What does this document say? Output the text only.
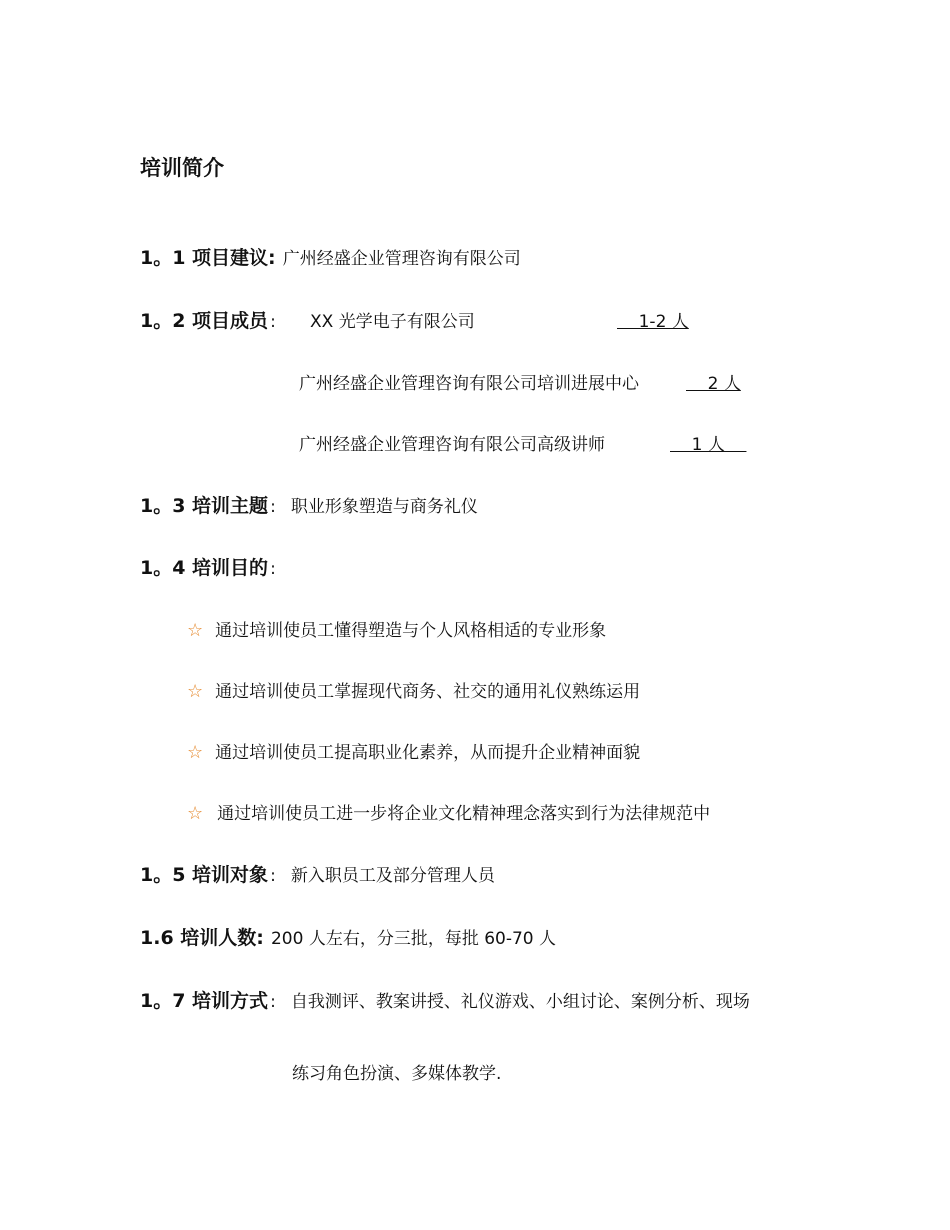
培训简介
1。1 项目建议: 广州经盛企业管理咨询有限公司
1。2 项目成员 : XX 光学电子有限公司	1-2 人
广州经盛企业管理咨询有限公司培训进展中心	2 人
广州经盛企业管理咨询有限公司高级讲师	1 人
1。3 培训主题 : 职业形象塑造与商务礼仪
1。4 培训目的 :
☆ 通过培训使员工懂得塑造与个人风格相适的专业形象
☆ 通过培训使员工掌握现代商务、社交的通用礼仪熟练运用
☆ 通过培训使员工提高职业化素养，从而提升企业精神面貌
☆ 通过培训使员工进一步将企业文化精神理念落实到行为法律规范中
1。5 培训对象 : 新入职员工及部分管理人员
1.6 培训人数: 200 人左右，分三批，每批 60-70 人
1。7 培训方式 : 自我测评、教案讲授、礼仪游戏、小组讨论、案例分析、现场
练习角色扮演、多媒体教学.
